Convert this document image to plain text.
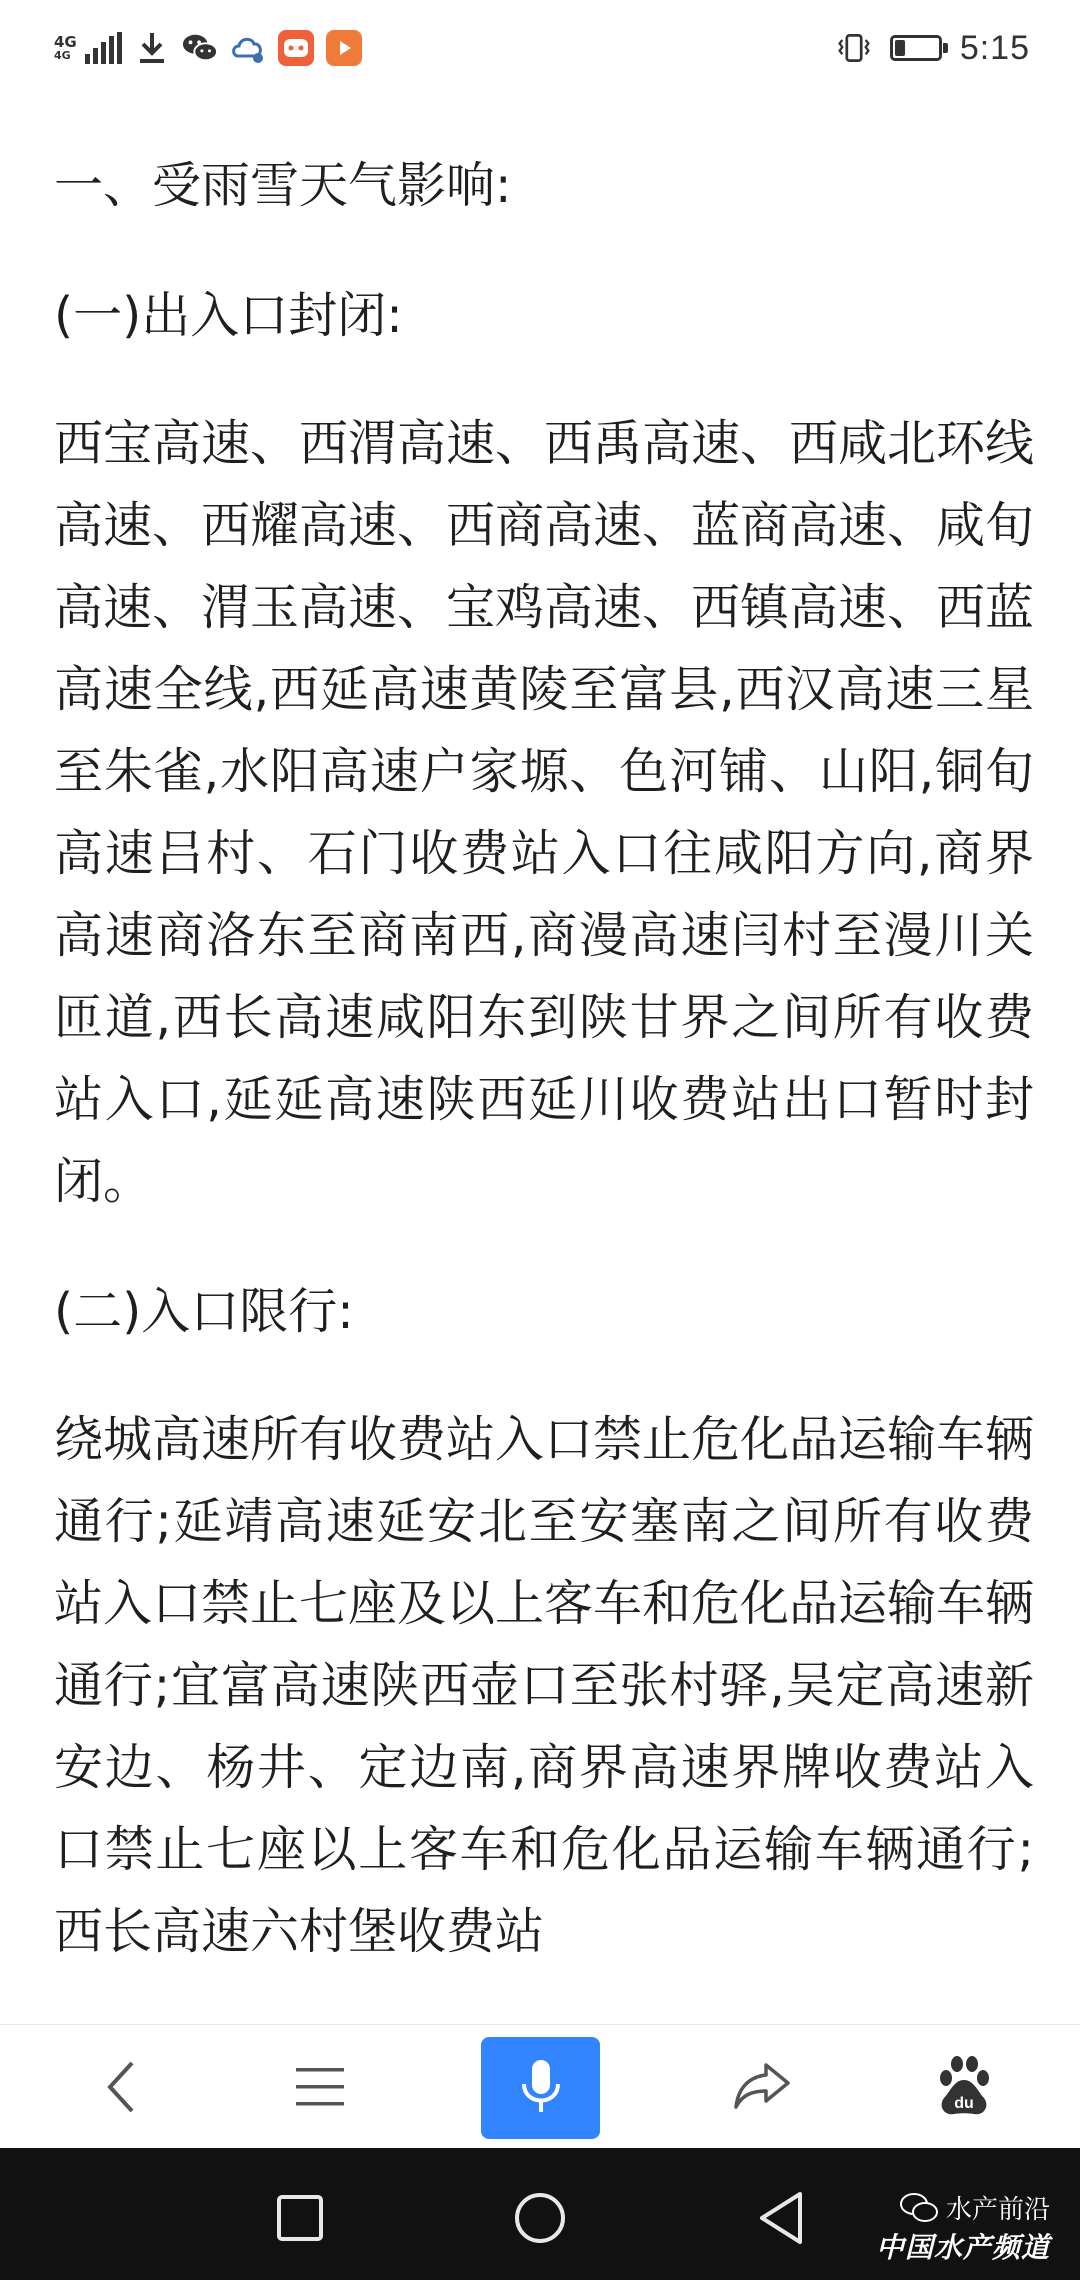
4G
4G	5:15

一、受雨雪天气影响:

(一)出入口封闭:

西宝高速、西渭高速、西禹高速、西咸北环线高速、西耀高速、西商高速、蓝商高速、咸旬高速、渭玉高速、宝鸡高速、西镇高速、西蓝高速全线,西延高速黄陵至富县,西汉高速三星至朱雀,水阳高速户家塬、色河铺、山阳,铜旬高速吕村、石门收费站入口往咸阳方向,商界高速商洛东至商南西,商漫高速闫村至漫川关匝道,西长高速咸阳东到陕甘界之间所有收费站入口,延延高速陕西延川收费站出口暂时封闭。

(二)入口限行:

绕城高速所有收费站入口禁止危化品运输车辆通行;延靖高速延安北至安塞南之间所有收费站入口禁止七座及以上客车和危化品运输车辆通行;宜富高速陕西壶口至张村驿,吴定高速新安边、杨井、定边南,商界高速界牌收费站入口禁止七座以上客车和危化品运输车辆通行;西长高速六村堡收费站

du
水产前沿
中国水产频道
